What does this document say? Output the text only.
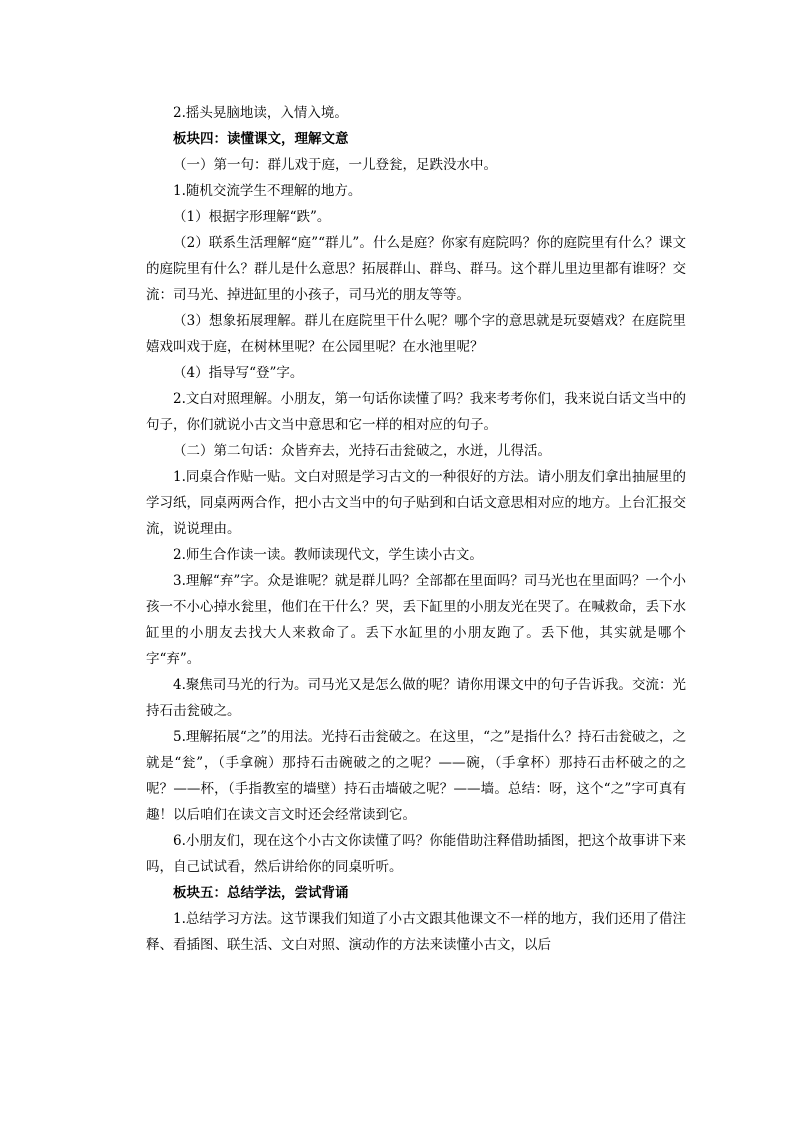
2.摇头晃脑地读，入情入境。

板块四：读懂课文，理解文意

（一）第一句：群儿戏于庭，一儿登瓮，足跌没水中。

1.随机交流学生不理解的地方。

（1）根据字形理解“跌”。

（2）联系生活理解“庭”“群儿”。什么是庭？你家有庭院吗？你的庭院里有什么？课文的庭院里有什么？群儿是什么意思？拓展群山、群鸟、群马。这个群儿里边里都有谁呀？交流：司马光、掉进缸里的小孩子，司马光的朋友等等。

（3）想象拓展理解。群儿在庭院里干什么呢？哪个字的意思就是玩耍嬉戏？在庭院里嬉戏叫戏于庭，在树林里呢？在公园里呢？在水池里呢？

（4）指导写“登”字。

2.文白对照理解。小朋友，第一句话你读懂了吗？我来考考你们，我来说白话文当中的句子，你们就说小古文当中意思和它一样的相对应的句子。

（二）第二句话：众皆弃去，光持石击瓮破之，水迸，儿得活。

1.同桌合作贴一贴。文白对照是学习古文的一种很好的方法。请小朋友们拿出抽屉里的学习纸，同桌两两合作，把小古文当中的句子贴到和白话文意思相对应的地方。上台汇报交流，说说理由。

2.师生合作读一读。教师读现代文，学生读小古文。

3.理解“弃”字。众是谁呢？就是群儿吗？全部都在里面吗？司马光也在里面吗？一个小孩一不小心掉水瓮里，他们在干什么？哭，丢下缸里的小朋友光在哭了。在喊救命，丢下水缸里的小朋友去找大人来救命了。丢下水缸里的小朋友跑了。丢下他，其实就是哪个字“弃”。

4.聚焦司马光的行为。司马光又是怎么做的呢？请你用课文中的句子告诉我。交流：光持石击瓮破之。

5.理解拓展“之”的用法。光持石击瓮破之。在这里，“之”是指什么？持石击瓮破之，之就是“瓮”，（手拿碗）那持石击碗破之的之呢？——碗，（手拿杯）那持石击杯破之的之呢？——杯，（手指教室的墙壁）持石击墙破之呢？——墙。总结：呀，这个“之”字可真有趣！以后咱们在读文言文时还会经常读到它。

6.小朋友们，现在这个小古文你读懂了吗？你能借助注释借助插图，把这个故事讲下来吗，自己试试看，然后讲给你的同桌听听。

板块五：总结学法，尝试背诵

1.总结学习方法。这节课我们知道了小古文跟其他课文不一样的地方，我们还用了借注释、看插图、联生活、文白对照、演动作的方法来读懂小古文，以后
